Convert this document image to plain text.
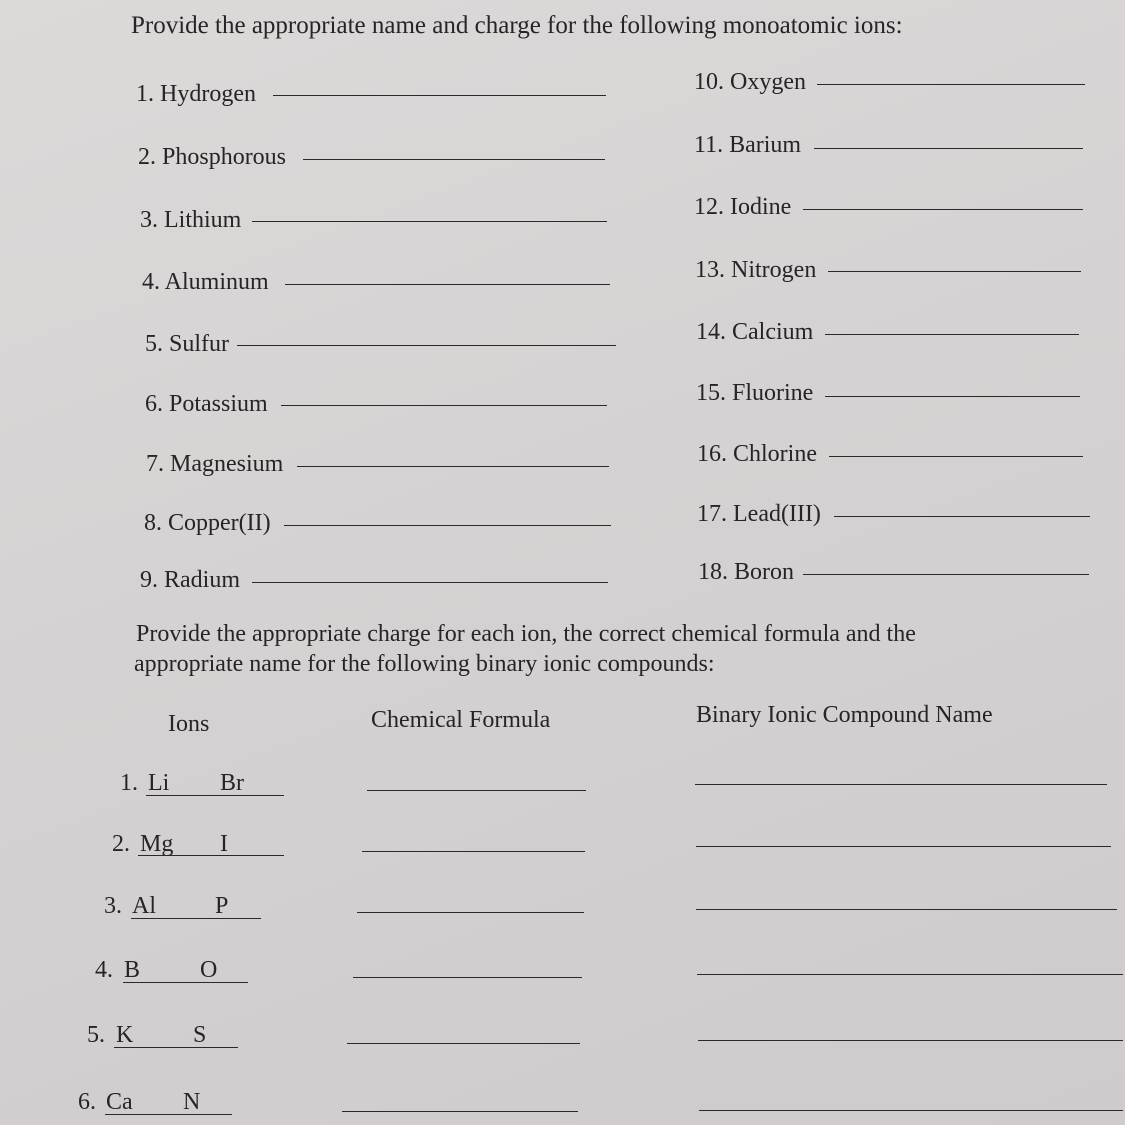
Provide the appropriate name and charge for the following monoatomic ions:
1. Hydrogen
2. Phosphorous
3. Lithium
4. Aluminum
5. Sulfur
6. Potassium
7. Magnesium
8. Copper(II)
9. Radium
10. Oxygen
11. Barium
12. Iodine
13. Nitrogen
14. Calcium
15. Fluorine
16. Chlorine
17. Lead(III)
18. Boron
Provide the appropriate charge for each ion, the correct chemical formula and the
appropriate name for the following binary ionic compounds:
Ions	Chemical Formula	Binary Ionic Compound Name
1. Li Br
2. Mg I
3. Al P
4. B O
5. K S
6. Ca N
